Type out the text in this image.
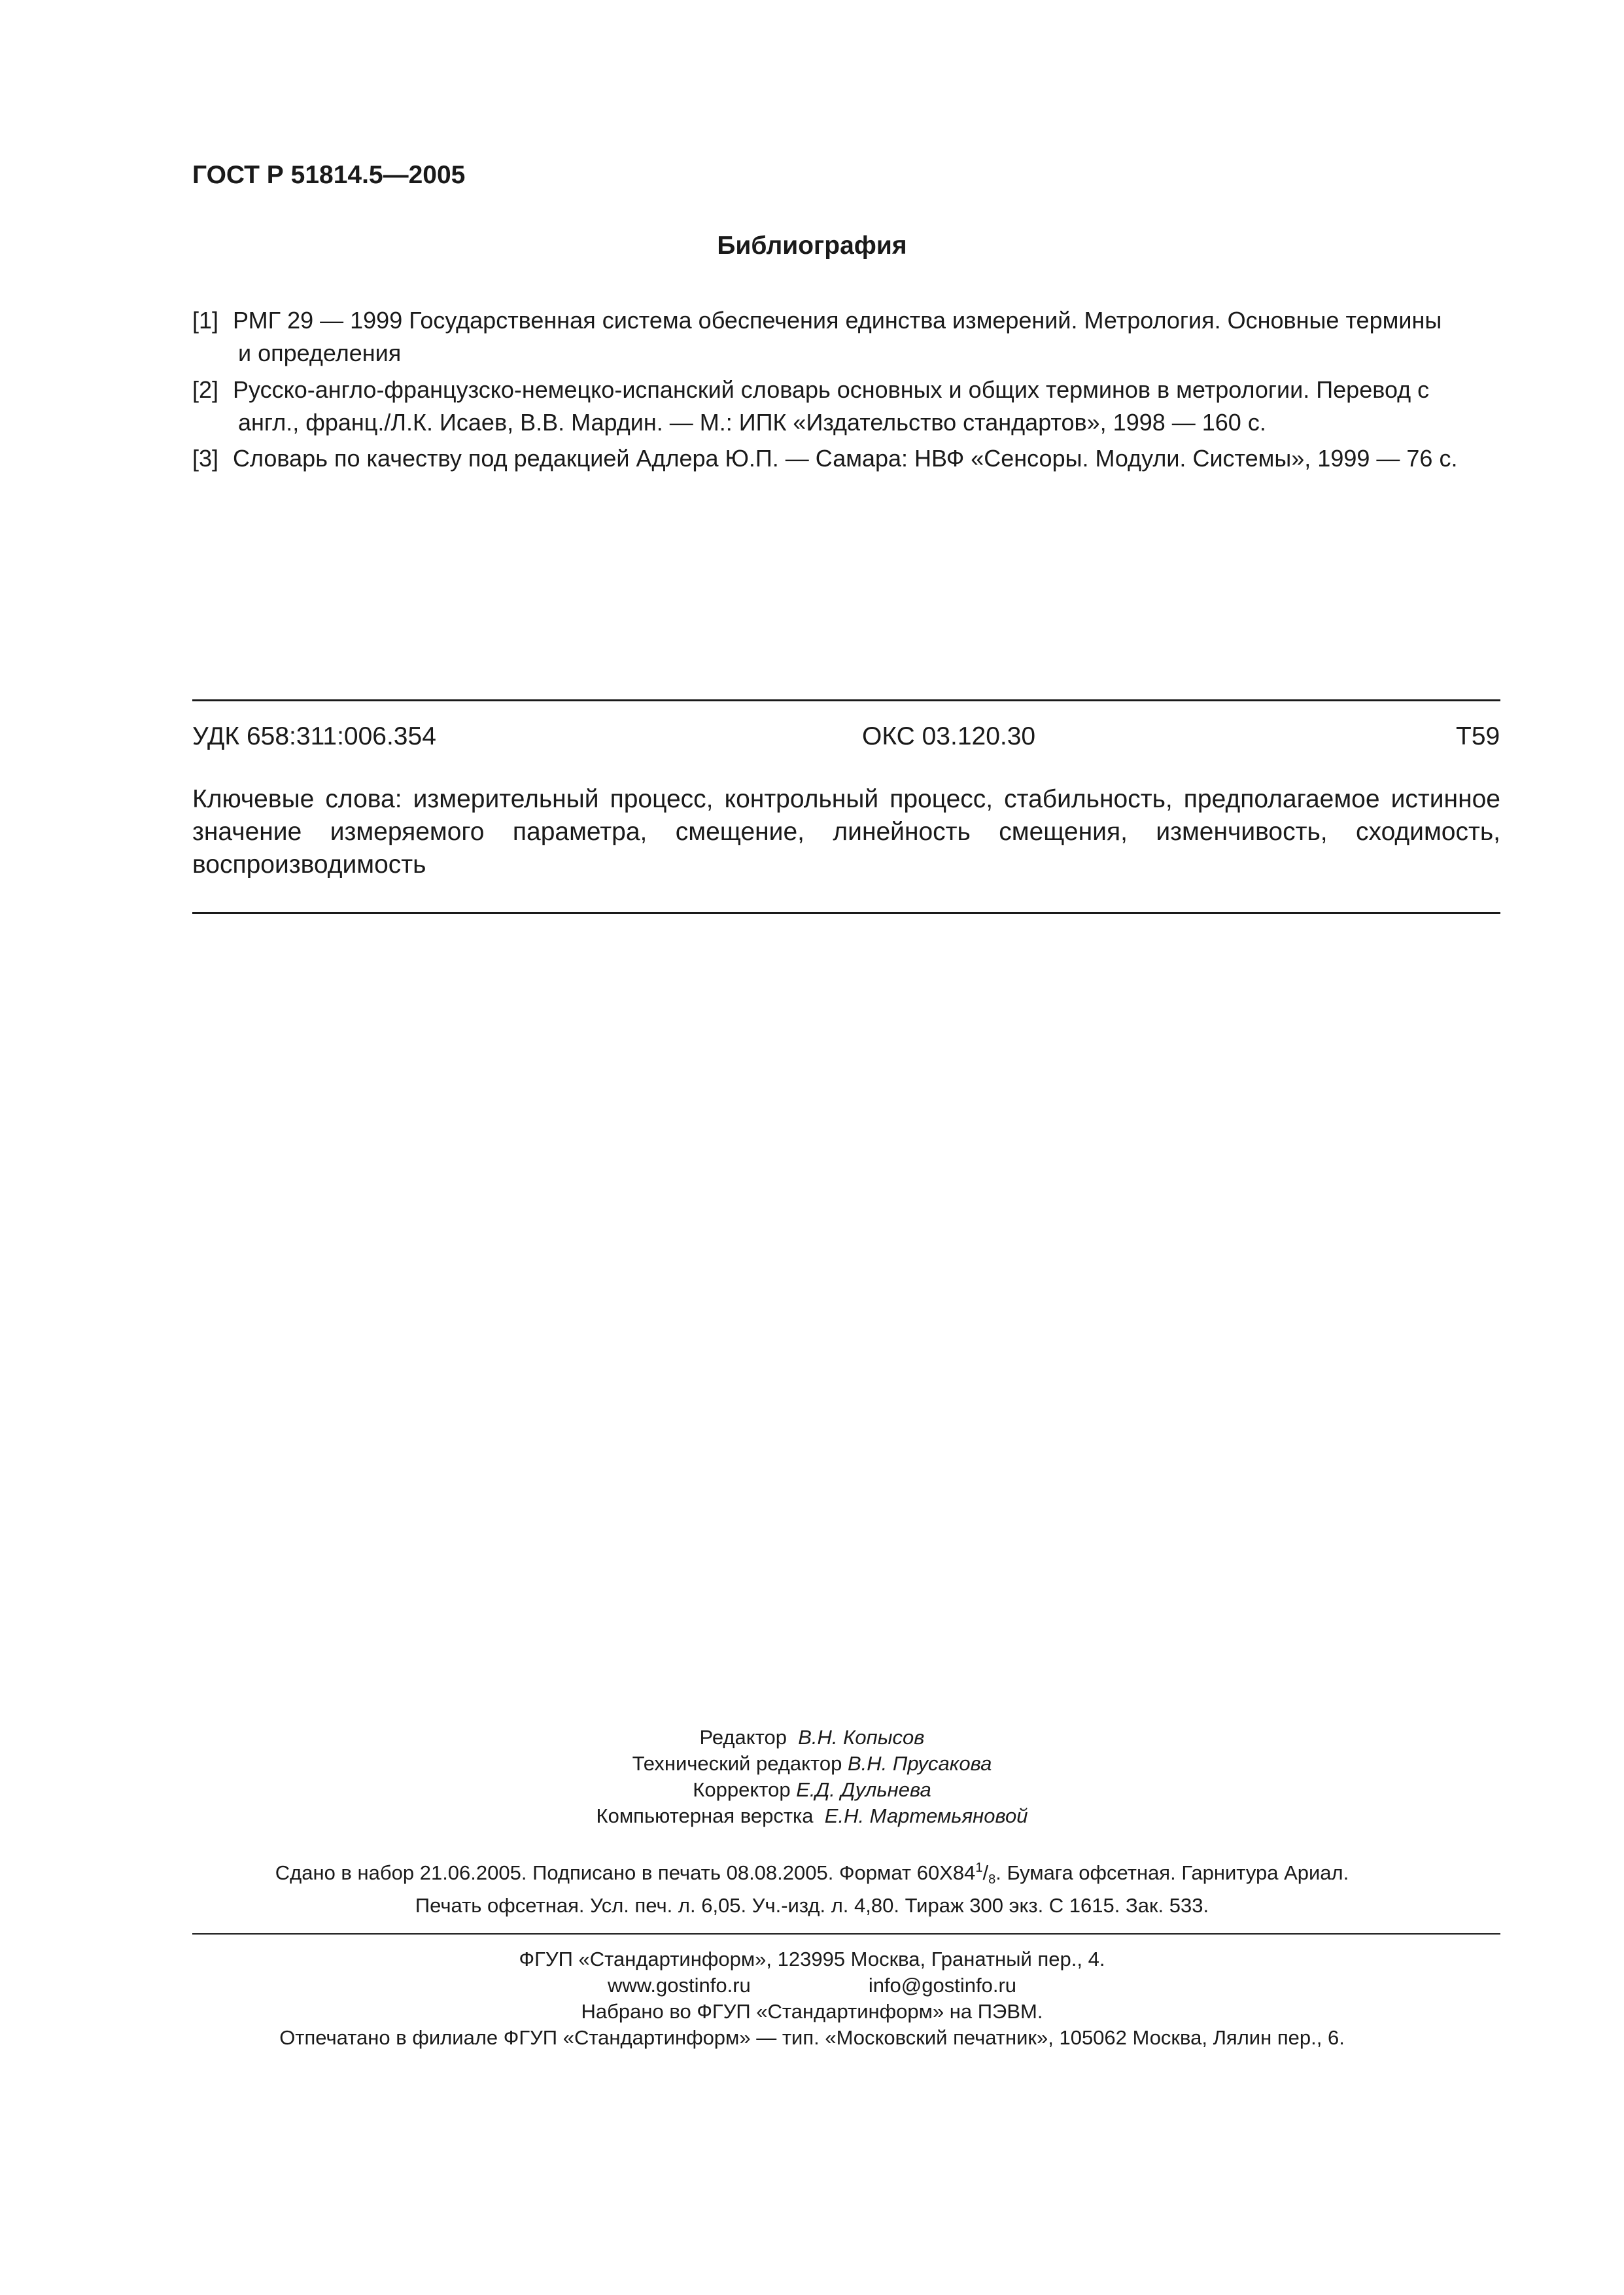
ГОСТ Р 51814.5—2005
Библиография
[1] РМГ 29 — 1999 Государственная система обеспечения единства измерений. Метрология. Основные термины
и определения
[2] Русско-англо-французско-немецко-испанский словарь основных и общих терминов в метрологии. Перевод с
англ., франц./Л.К. Исаев, В.В. Мардин. — М.: ИПК «Издательство стандартов», 1998 — 160 с.
[3] Словарь по качеству под редакцией Адлера Ю.П. — Самара: НВФ «Сенсоры. Модули. Системы», 1999 — 76 с.
УДК 658:311:006.354	ОКС 03.120.30	Т59
Ключевые слова: измерительный процесс, контрольный процесс, стабильность, предполагаемое истинное значение измеряемого параметра, смещение, линейность смещения, изменчивость, сходимость, воспроизводимость
Редактор В.Н. Копысов
Технический редактор В.Н. Прусакова
Корректор Е.Д. Дульнева
Компьютерная верстка Е.Н. Мартемьяновой
Сдано в набор 21.06.2005. Подписано в печать 08.08.2005. Формат $60Х84^1/_8$. Бумага офсетная. Гарнитура Ариал.
Печать офсетная. Усл. печ. л. 6,05. Уч.-изд. л. 4,80. Тираж 300 экз. С 1615. Зак. 533.
ФГУП «Стандартинформ», 123995 Москва, Гранатный пер., 4.
www.gostinfo.ru	info@gostinfo.ru
Набрано во ФГУП «Стандартинформ» на ПЭВМ.
Отпечатано в филиале ФГУП «Стандартинформ» — тип. «Московский печатник», 105062 Москва, Лялин пер., 6.
